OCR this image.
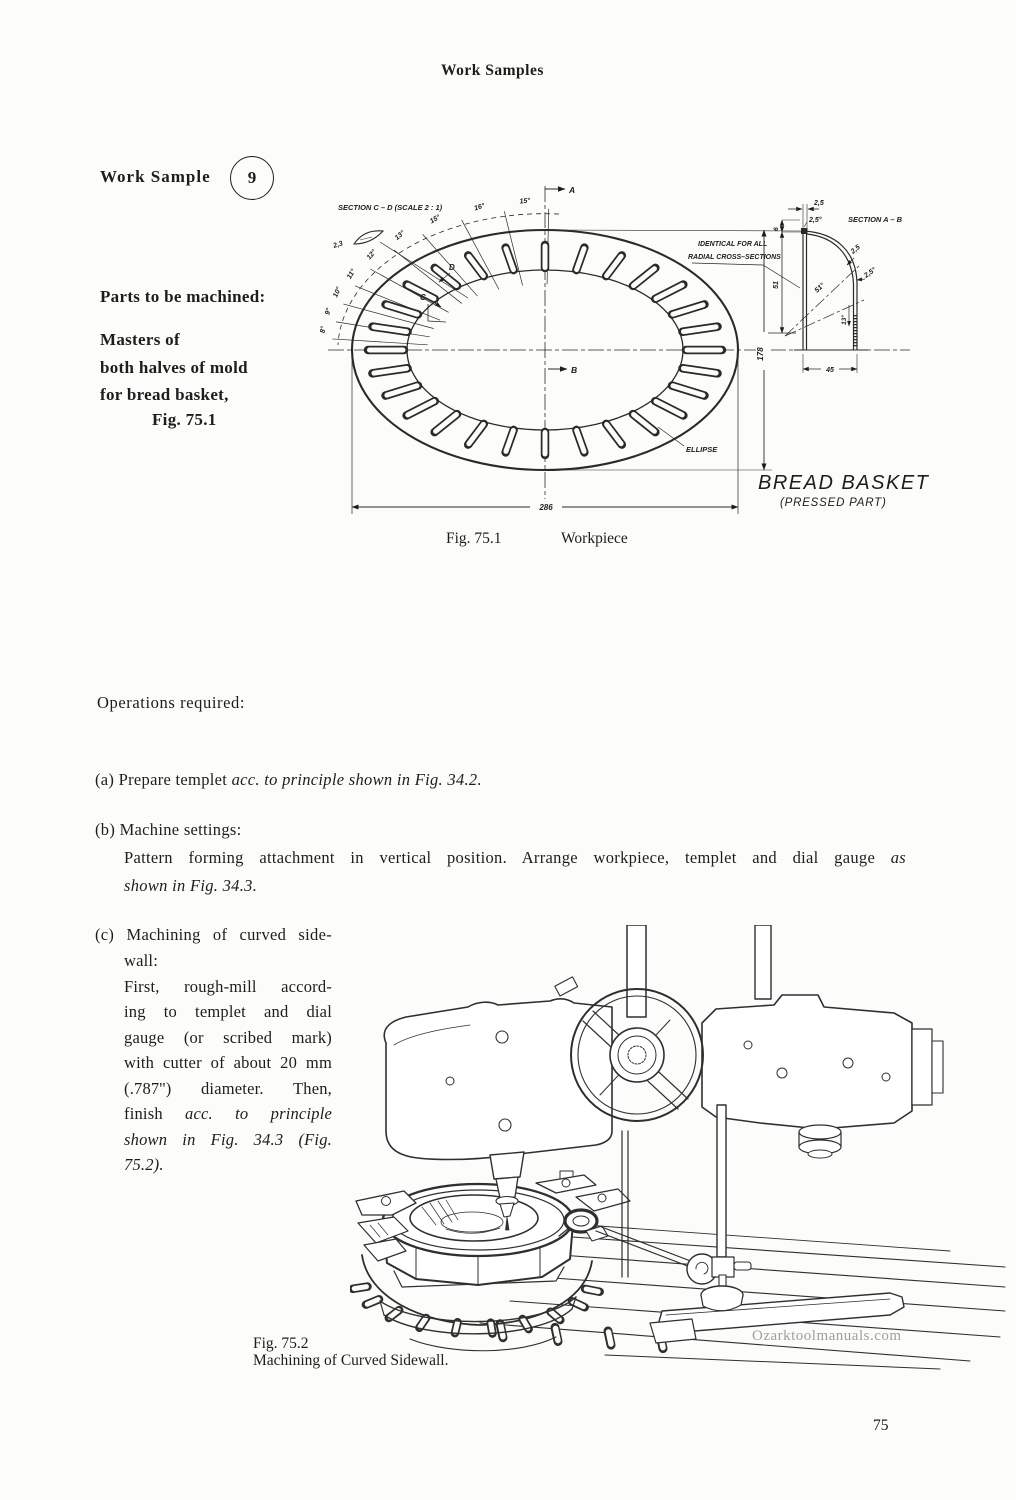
Work Samples
Work Sample	9
Parts to be machined:
Masters of
both halves of mold
for bread basket,
Fig. 75.1
SECTION C – D (SCALE 2 : 1)
2,3
A
B
C
D
15°
16°
15°
13°
12°
11°
10°
9°
8°
IDENTICAL FOR ALL
RADIAL CROSS–SECTIONS
ELLIPSE
286
178
SECTION A – B
2,5
2,5°
6
51	51°
2,5
2,5°
13°
45
BREAD BASKET
(PRESSED PART)
Fig. 75.1	Workpiece
Operations required:
(a) Prepare templet acc. to principle shown in Fig. 34.2.
(b) Machine settings:
Pattern forming attachment in vertical position. Arrange workpiece, templet and dial gauge as
shown in Fig. 34.3.
(c) Machining of curved side-
wall:
First, rough-mill accord-
ing to templet and dial
gauge (or scribed mark)
with cutter of about 20 mm
(.787'') diameter. Then,
finish acc. to principle
shown in Fig. 34.3 (Fig.
75.2).
Ozarktoolmanuals.com
Fig. 75.2
Machining of Curved Sidewall.
75
